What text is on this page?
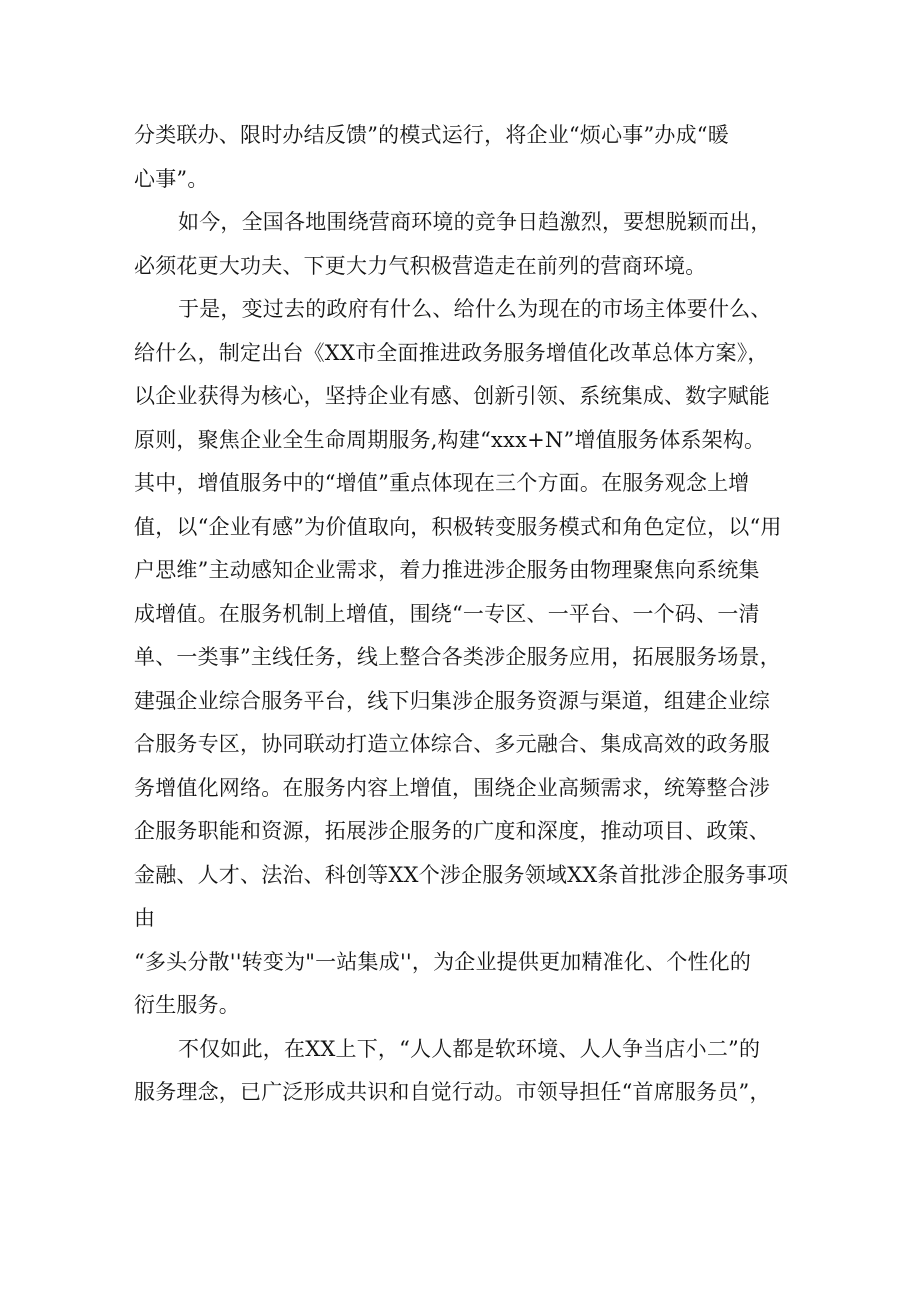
分类联办、限时办结反馈”的模式运行，将企业“烦心事”办成“暖
心事”。
如今，全国各地围绕营商环境的竞争日趋激烈，要想脱颖而出，
必须花更大功夫、下更大力气积极营造走在前列的营商环境。
于是，变过去的政府有什么、给什么为现在的市场主体要什么、
给什么，制定出台《XX市全面推进政务服务增值化改革总体方案》，
以企业获得为核心，坚持企业有感、创新引领、系统集成、数字赋能
原则，聚焦企业全生命周期服务,构建“xxx+N”增值服务体系架构。
其中，增值服务中的“增值”重点体现在三个方面。在服务观念上增
值，以“企业有感”为价值取向，积极转变服务模式和角色定位，以“用
户思维”主动感知企业需求，着力推进涉企服务由物理聚焦向系统集
成增值。在服务机制上增值，围绕“一专区、一平台、一个码、一清
单、一类事”主线任务，线上整合各类涉企服务应用，拓展服务场景，
建强企业综合服务平台，线下归集涉企服务资源与渠道，组建企业综
合服务专区，协同联动打造立体综合、多元融合、集成高效的政务服
务增值化网络。在服务内容上增值，围绕企业高频需求，统筹整合涉
企服务职能和资源，拓展涉企服务的广度和深度，推动项目、政策、
金融、人才、法治、科创等XX个涉企服务领域XX条首批涉企服务事项
由
“多头分散''转变为"一站集成''，为企业提供更加精准化、个性化的
衍生服务。
不仅如此，在XX上下，“人人都是软环境、人人争当店小二”的
服务理念，已广泛形成共识和自觉行动。市领导担任“首席服务员”，
